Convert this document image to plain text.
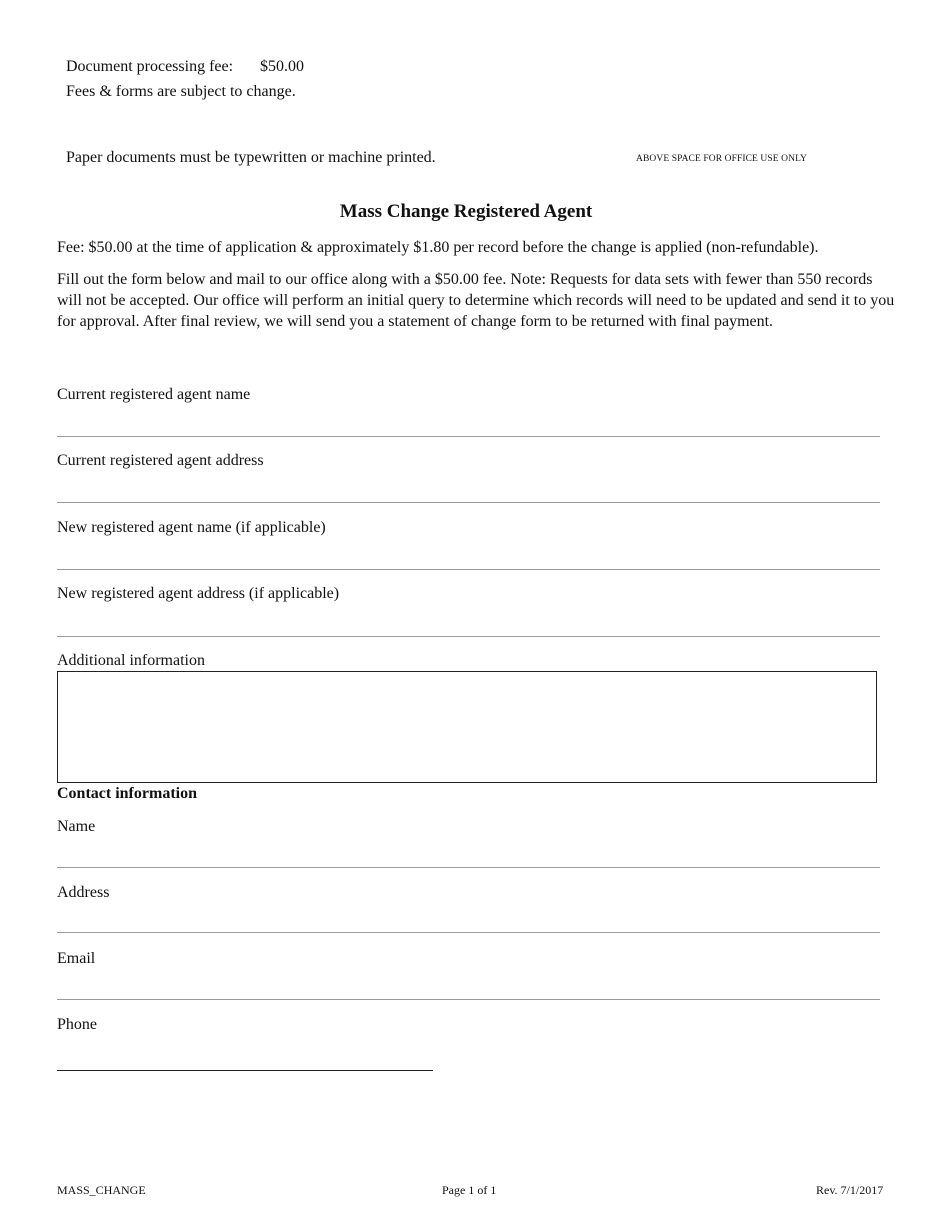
Document processing fee: $50.00
Fees & forms are subject to change.
Paper documents must be typewritten or machine printed.	ABOVE SPACE FOR OFFICE USE ONLY
Mass Change Registered Agent
Fee: $50.00 at the time of application & approximately $1.80 per record before the change is applied (non-refundable).
Fill out the form below and mail to our office along with a $50.00 fee. Note: Requests for data sets with fewer than 550 records will not be accepted. Our office will perform an initial query to determine which records will need to be updated and send it to you for approval. After final review, we will send you a statement of change form to be returned with final payment.
Current registered agent name
Current registered agent address
New registered agent name (if applicable)
New registered agent address (if applicable)
Additional information
Contact information
Name
Address
Email
Phone
MASS_CHANGE	Page 1 of 1	Rev. 7/1/2017
